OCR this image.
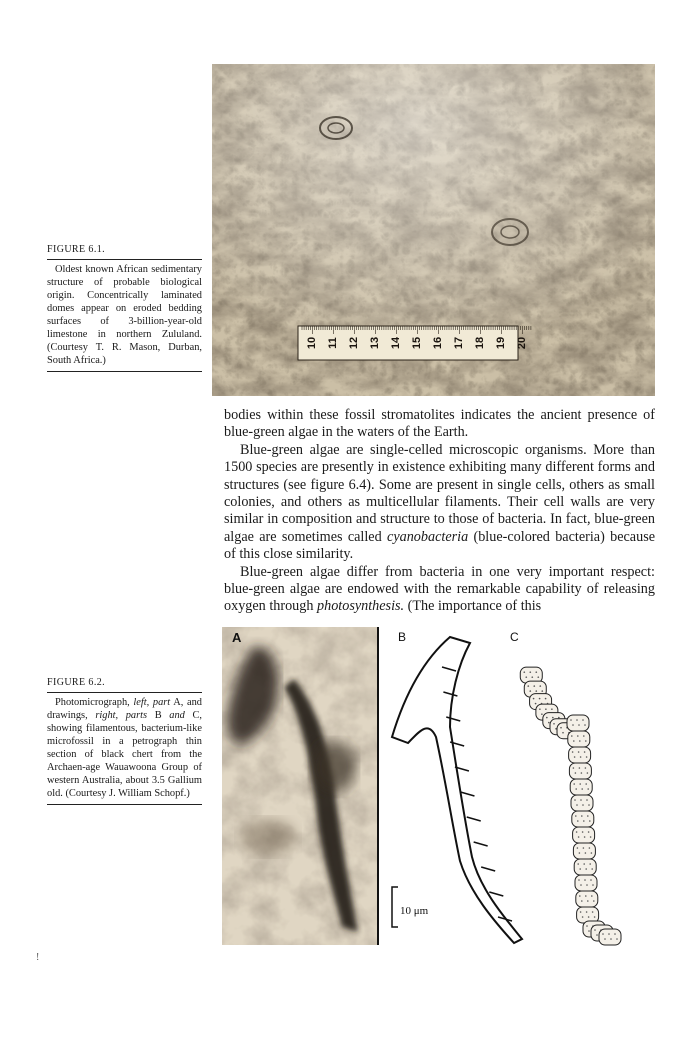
FIGURE 6.1.
Oldest known African sedimentary structure of probable biological origin. Concentrically laminated domes appear on eroded bedding surfaces of 3-billion-year-old limestone in northern Zululand. (Courtesy T. R. Mason, Durban, South Africa.)
10 11 12 13 14 15 16 17 18 19 20

bodies within these fossil stromatolites indicates the ancient presence of blue-green algae in the waters of the Earth.

Blue-green algae are single-celled microscopic organisms. More than 1500 species are presently in existence exhibiting many different forms and structures (see figure 6.4). Some are present in single cells, others as small colonies, and others as multicellular filaments. Their cell walls are very similar in composition and structure to those of bacteria. In fact, blue-green algae are sometimes called cyanobacteria (blue-colored bacteria) because of this close similarity.

Blue-green algae differ from bacteria in one very important respect: blue-green algae are endowed with the remarkable capability of releasing oxygen through photosynthesis. (The importance of this

FIGURE 6.2.
Photomicrograph, left, part A, and drawings, right, parts B and C, showing filamentous, bacterium-like microfossil in a petrograph thin section of black chert from the Archaen-age Wauawoona Group of western Australia, about 3.5 Gallium old. (Courtesy J. William Schopf.)
A	B	C
10 μm
!
